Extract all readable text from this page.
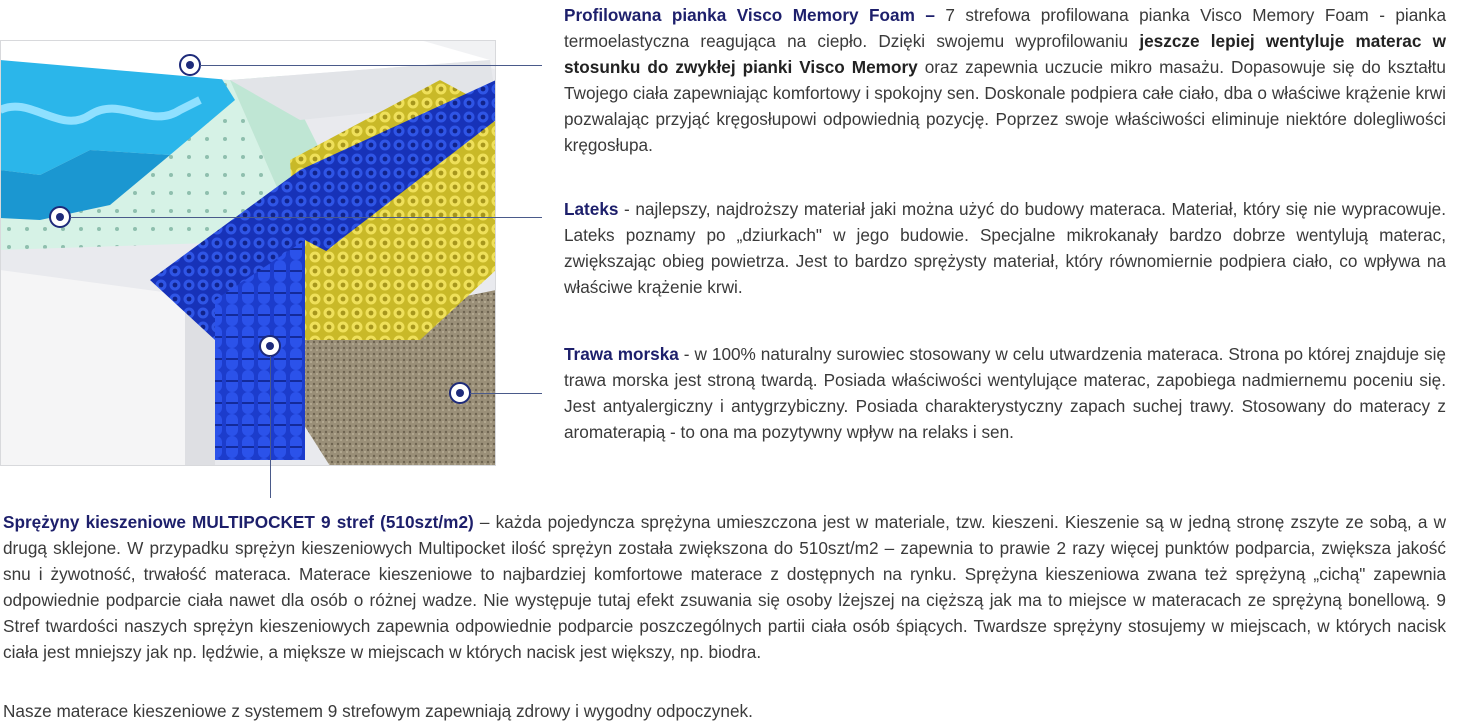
Profilowana pianka Visco Memory Foam – 7 strefowa profilowana pianka Visco Memory Foam - pianka termoelastyczna reagująca na ciepło. Dzięki swojemu wyprofilowaniu jeszcze lepiej wentyluje materac w stosunku do zwykłej pianki Visco Memory oraz zapewnia uczucie mikro masażu. Dopasowuje się do kształtu Twojego ciała zapewniając komfortowy i spokojny sen. Doskonale podpiera całe ciało, dba o właściwe krążenie krwi pozwalając przyjąć kręgosłupowi odpowiednią pozycję. Poprzez swoje właściwości eliminuje niektóre dolegliwości kręgosłupa.
Lateks - najlepszy, najdroższy materiał jaki można użyć do budowy materaca. Materiał, który się nie wypracowuje. Lateks poznamy po „dziurkach" w jego budowie. Specjalne mikrokanały bardzo dobrze wentylują materac, zwiększając obieg powietrza. Jest to bardzo sprężysty materiał, który równomiernie podpiera ciało, co wpływa na właściwe krążenie krwi.
Trawa morska - w 100% naturalny surowiec stosowany w celu utwardzenia materaca. Strona po której znajduje się trawa morska jest stroną twardą. Posiada właściwości wentylujące materac, zapobiega nadmiernemu poceniu się. Jest antyalergiczny i antygrzybiczny. Posiada charakterystyczny zapach suchej trawy. Stosowany do materacy z aromaterapią - to ona ma pozytywny wpływ na relaks i sen.
Sprężyny kieszeniowe MULTIPOCKET 9 stref (510szt/m2) – każda pojedyncza sprężyna umieszczona jest w materiale, tzw. kieszeni. Kieszenie są w jedną stronę zszyte ze sobą, a w drugą sklejone. W przypadku sprężyn kieszeniowych Multipocket ilość sprężyn została zwiększona do 510szt/m2 – zapewnia to prawie 2 razy więcej punktów podparcia, zwiększa jakość snu i żywotność, trwałość materaca. Materace kieszeniowe to najbardziej komfortowe materace z dostępnych na rynku. Sprężyna kieszeniowa zwana też sprężyną „cichą" zapewnia odpowiednie podparcie ciała nawet dla osób o różnej wadze. Nie występuje tutaj efekt zsuwania się osoby lżejszej na cięższą jak ma to miejsce w materacach ze sprężyną bonellową. 9 Stref twardości naszych sprężyn kieszeniowych zapewnia odpowiednie podparcie poszczególnych partii ciała osób śpiących. Twardsze sprężyny stosujemy w miejscach, w których nacisk ciała jest mniejszy jak np. lędźwie, a miększe w miejscach w których nacisk jest większy, np. biodra.
Nasze materace kieszeniowe z systemem 9 strefowym zapewniają zdrowy i wygodny odpoczynek.
